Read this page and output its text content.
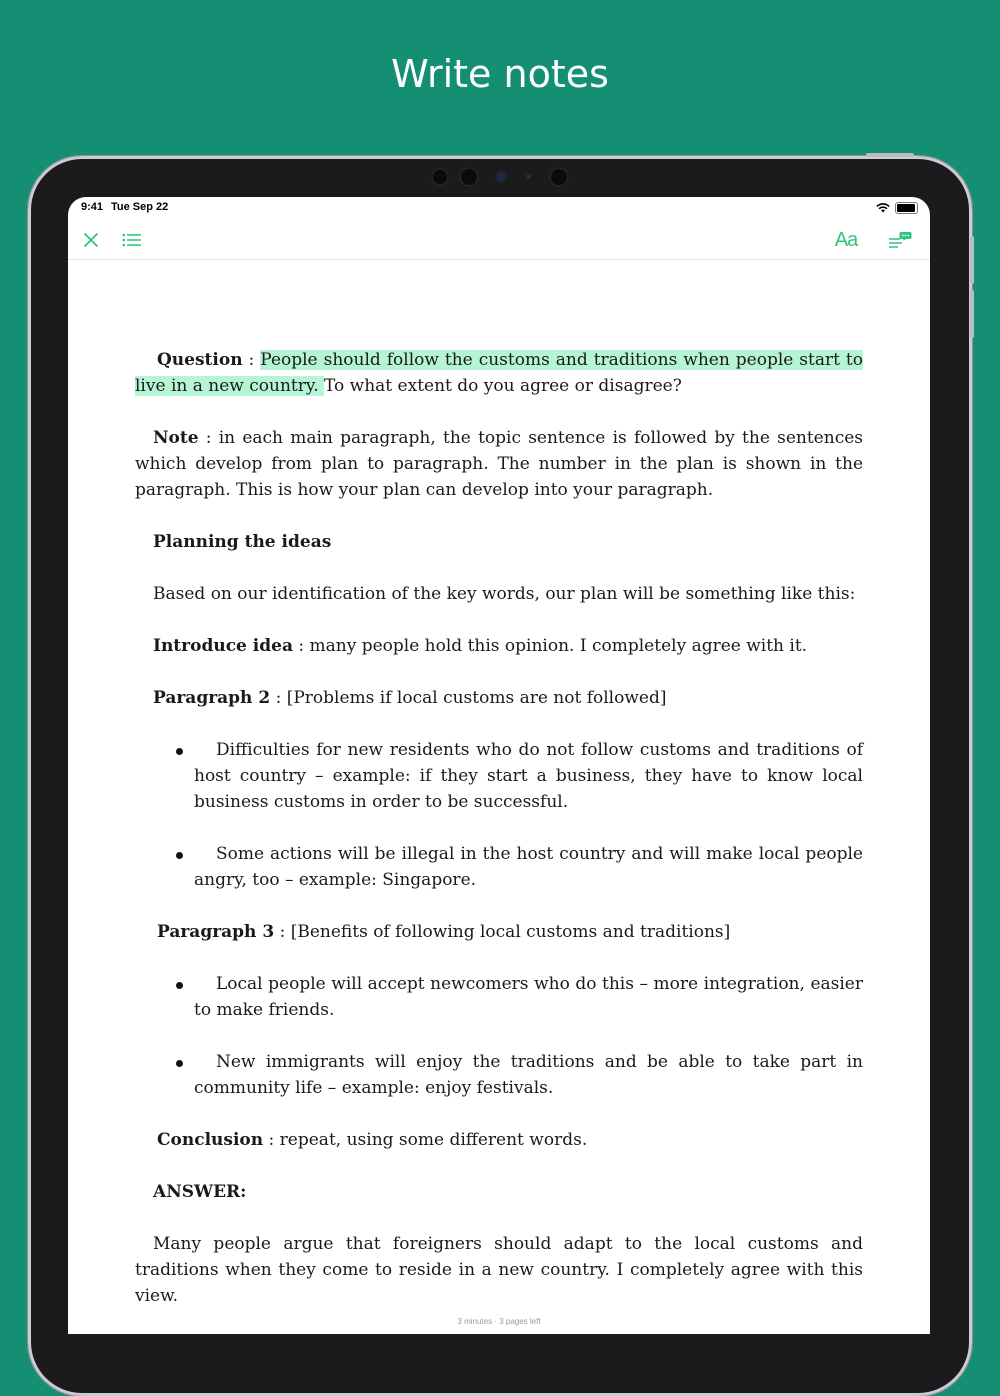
Write notes
9:41 Tue Sep 22
Aa

Question : People should follow the customs and traditions when people start to live in a new country. To what extent do you agree or disagree?

Note : in each main paragraph, the topic sentence is followed by the sentences which develop from plan to paragraph. The number in the plan is shown in the paragraph. This is how your plan can develop into your paragraph.

Planning the ideas

Based on our identification of the key words, our plan will be something like this:

Introduce idea : many people hold this opinion. I completely agree with it.

Paragraph 2 : [Problems if local customs are not followed]

Difficulties for new residents who do not follow customs and traditions of host country – example: if they start a business, they have to know local business customs in order to be successful.
Some actions will be illegal in the host country and will make local people angry, too – example: Singapore.

Paragraph 3 : [Benefits of following local customs and traditions]

Local people will accept newcomers who do this – more integration, easier to make friends.
New immigrants will enjoy the traditions and be able to take part in community life – example: enjoy festivals.

Conclusion : repeat, using some different words.

ANSWER:

Many people argue that foreigners should adapt to the local customs and traditions when they come to reside in a new country. I completely agree with this view.

3 minutes · 3 pages left
